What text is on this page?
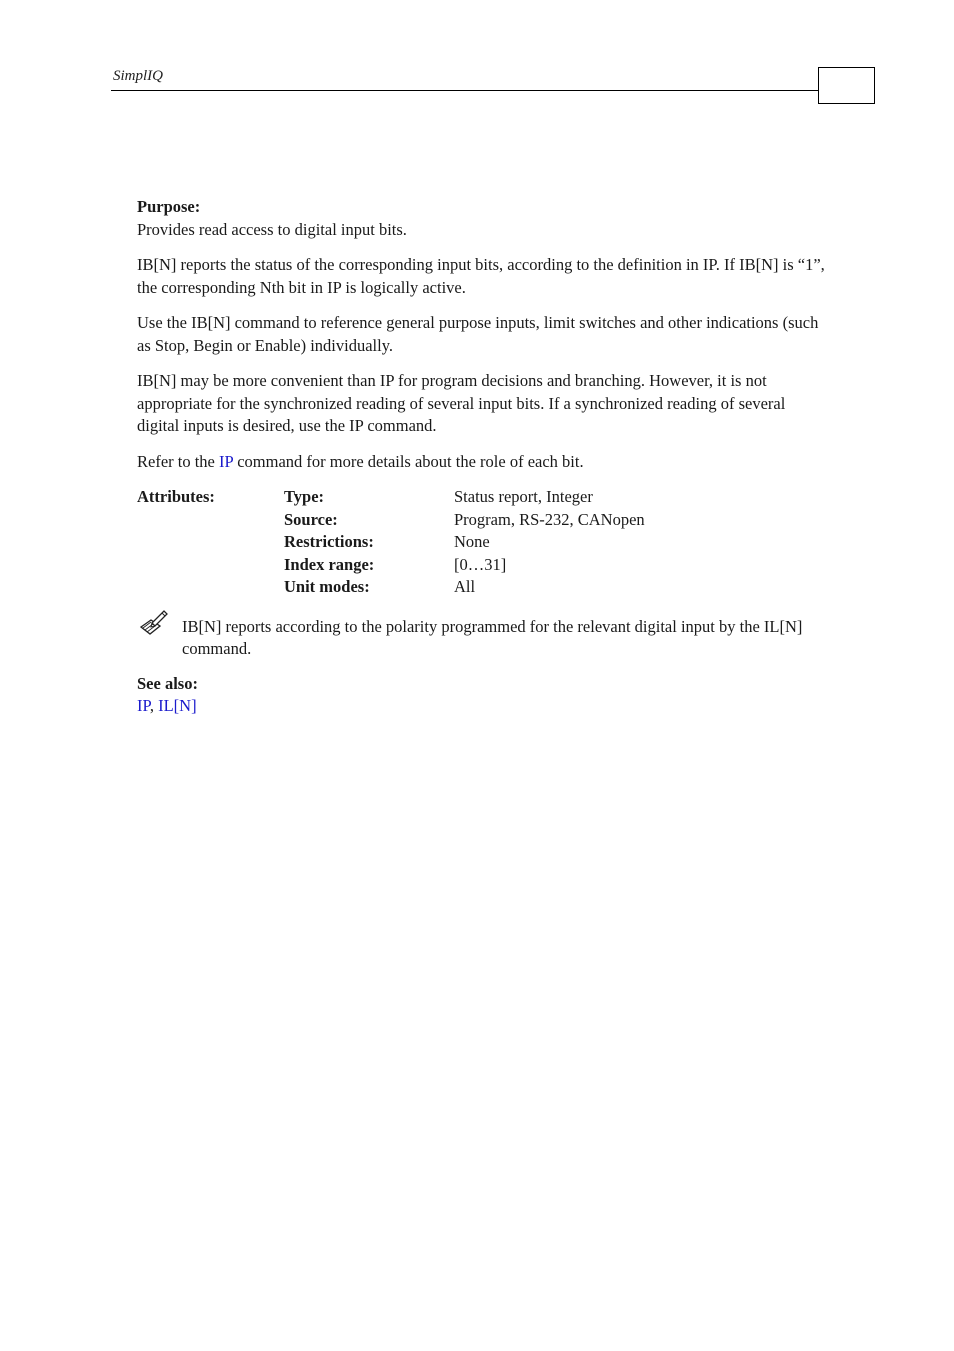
SimplIQ

Purpose:
Provides read access to digital input bits.

IB[N] reports the status of the corresponding input bits, according to the definition in IP. If IB[N] is “1”, the corresponding Nth bit in IP is logically active.

Use the IB[N] command to reference general purpose inputs, limit switches and other indications (such as Stop, Begin or Enable) individually.

IB[N] may be more convenient than IP for program decisions and branching. However, it is not appropriate for the synchronized reading of several input bits. If a synchronized reading of several digital inputs is desired, use the IP command.

Refer to the IP command for more details about the role of each bit.

Attributes:	Type:	Status report, Integer
Source:	Program, RS-232, CANopen
Restrictions:	None
Index range:	[0…31]
Unit modes:	All
IB[N] reports according to the polarity programmed for the relevant digital input by the IL[N] command.
See also:
IP, IL[N]
